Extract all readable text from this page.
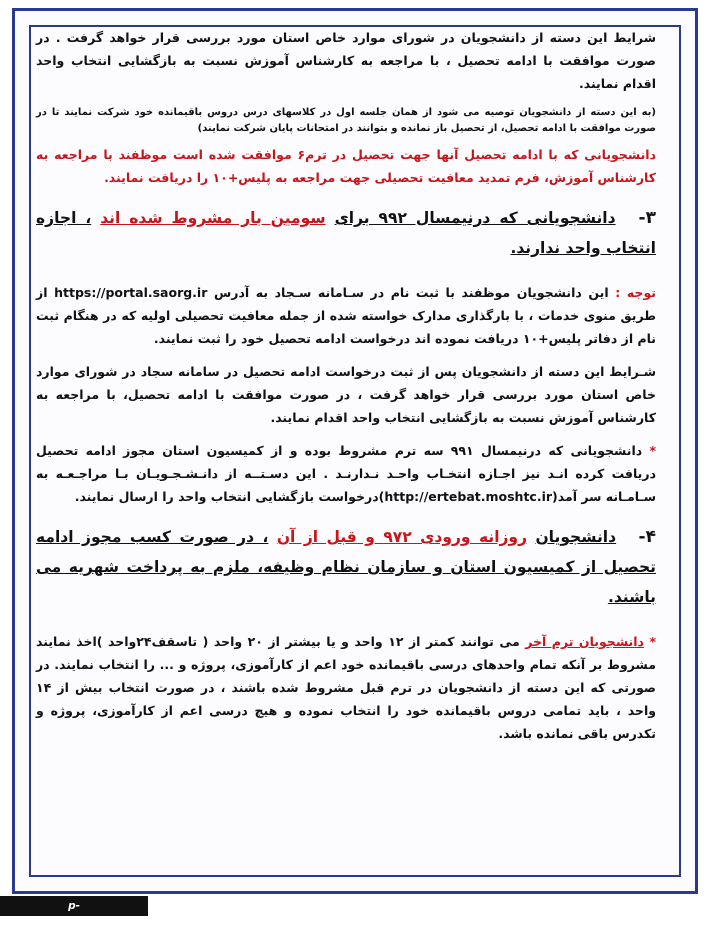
شرایط این دسته از دانشجویان در شورای موارد خاص استان مورد بررسی قرار خواهد گرفت . در صورت موافقت با ادامه تحصیل ، با مراجعه به کارشناس آموزش نسبت به بازگشایی انتخاب واحد اقدام نمایند.

(به این دسته از دانشجویان توصیه می شود از همان جلسه اول در کلاسهای درس دروس باقیمانده خود شرکت نمایند تا در صورت موافقت با ادامه تحصیل، از تحصیل باز نمانده و بتوانند در امتحانات پایان شرکت نمایند)

دانشجویانی که با ادامه تحصیل آنها جهت تحصیل در ترم۶ موافقت شده است موظفند با مراجعه به کارشناس آموزش، فرم تمدید معافیت تحصیلی جهت مراجعه به پلیس+۱۰ را دریافت نمایند.

۳- دانشجویانی که درنیمسال ۹۹۲ برای سومین بار مشروط شده اند ، اجازه انتخاب واحد ندارند.

توجه : این دانشجویان موظفند با ثبت نام در سـامانه سـجاد به آدرس https://portal.saorg.ir از طریق منوی خدمات ، با بارگذاری مدارک خواسته شده از جمله معافیت تحصیلی اولیه که در هنگام ثبت نام از دفاتر پلیس+۱۰ دریافت نموده اند درخواست ادامه تحصیل خود را ثبت نمایند.

شـرایط این دسته از دانشجویان پس از ثبت درخواست ادامه تحصیل در سامانه سجاد در شورای موارد خاص استان مورد بررسی قرار خواهد گرفت ، در صورت موافقت با ادامه تحصیل، با مراجعه به کارشناس آموزش نسبت به بازگشایی انتخاب واحد اقدام نمایند.

* دانشجویانی که درنیمسال ۹۹۱ سه ترم مشروط بوده و از کمیسیون استان مجوز ادامه تحصیل دریافت کرده انـد نیز اجـازه انتخـاب واحـد نـدارنـد . این دسـتــه از دانـشـجـویـان بـا مراجـعـه به سـامـانه سر آمد(http://ertebat.moshtc.ir)درخواست بازگشایی انتخاب واحد را ارسال نمایند.

۴- دانشجویان روزانه ورودی ۹۷۲ و قبل از آن ، در صورت کسب مجوز ادامه تحصیل از کمیسیون استان و سازمان نظام وظیفه، ملزم به پرداخت شهریه می باشند.

* دانشجویان ترم آخر می توانند کمتر از ۱۲ واحد و یا بیشتر از ۲۰ واحد ( تاسقف۲۴واحد )اخذ نمایند مشروط بر آنکه تمام واحدهای درسی باقیمانده خود اعم از کارآموزی، پروژه و ... را انتخاب نمایند. در صورتی که این دسته از دانشجویان در ترم قبل مشروط شده باشند ، در صورت انتخاب بیش از ۱۴ واحد ، باید تمامی دروس باقیمانده خود را انتخاب نموده و هیچ درسی اعم از کارآموزی، پروژه و تکدرس باقی نمانده باشد.

p-torbatheidarye.tvu.ac.ir
